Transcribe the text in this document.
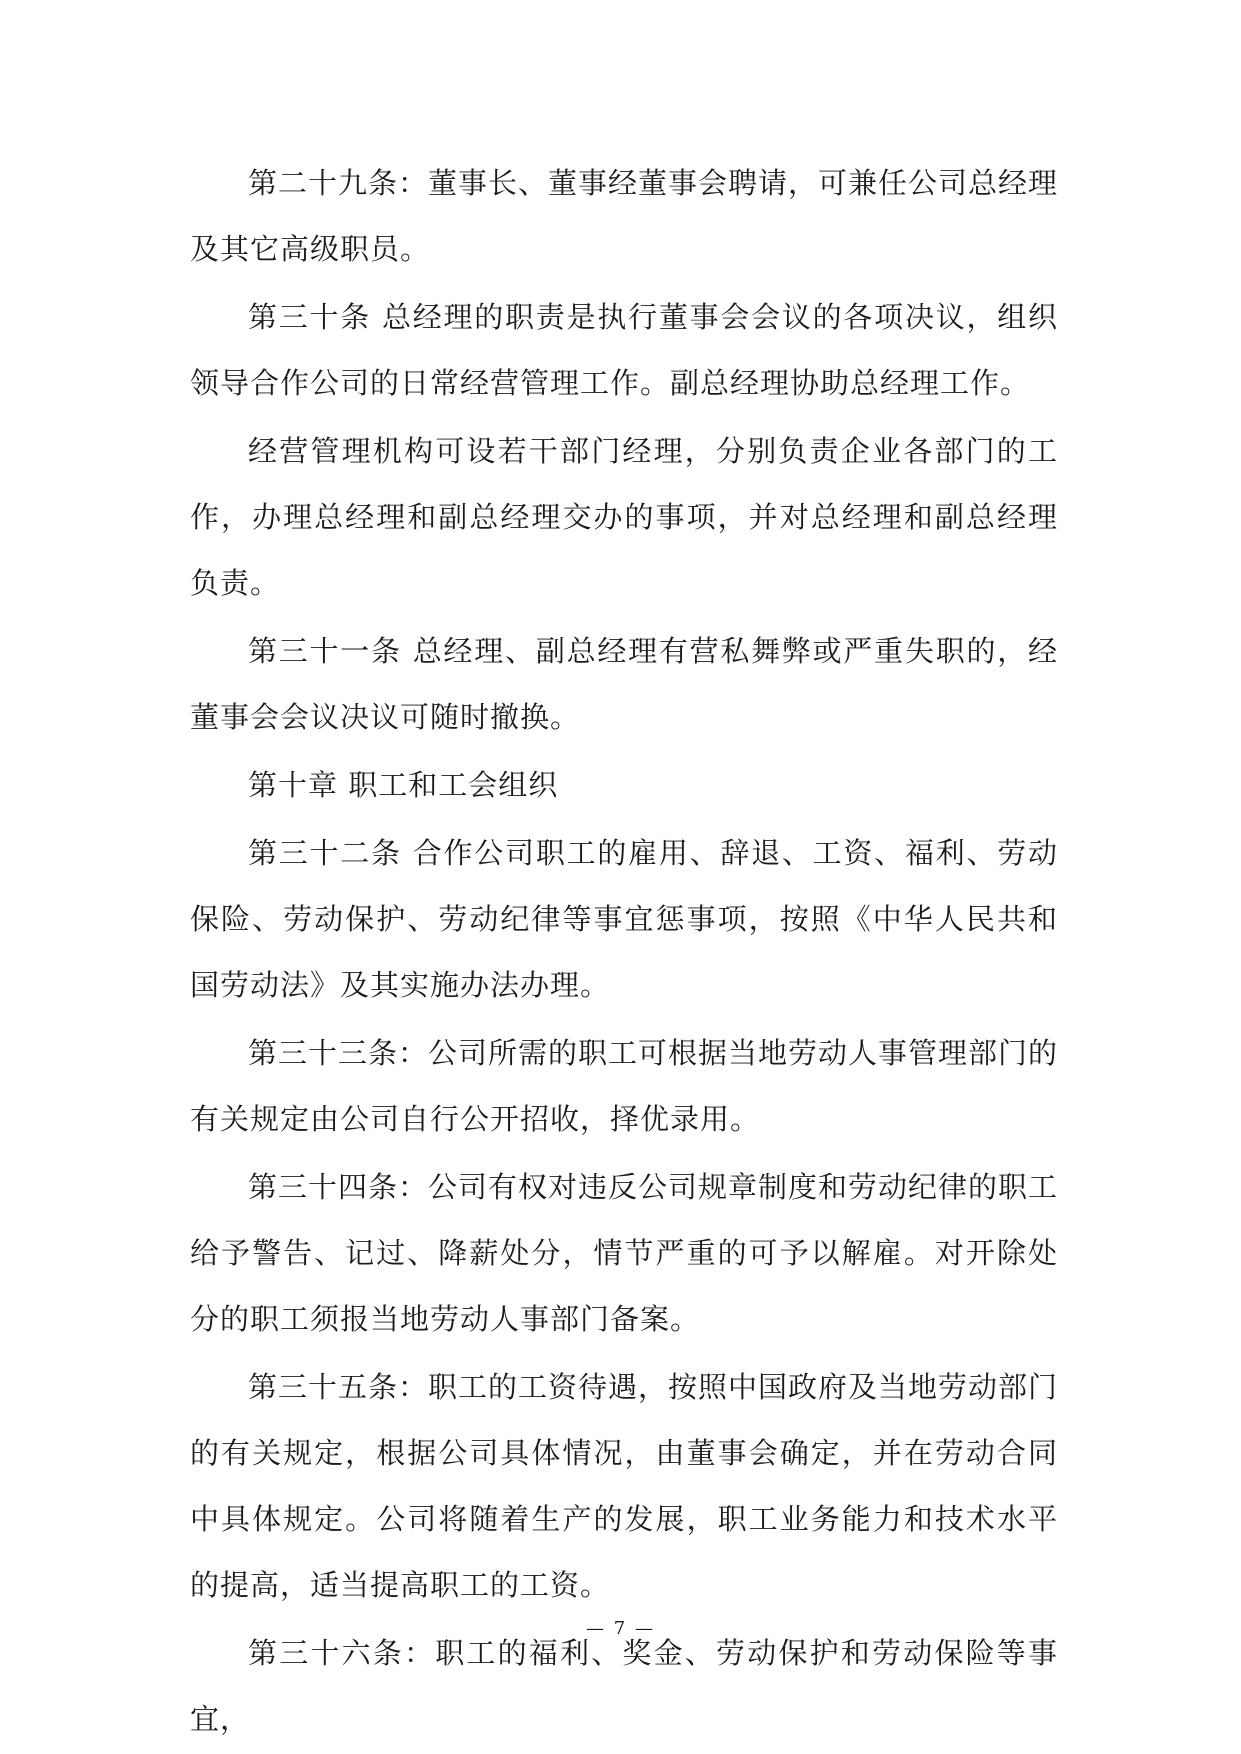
第二十九条：董事长、董事经董事会聘请，可兼任公司总经理及其它高级职员。

第三十条 总经理的职责是执行董事会会议的各项决议，组织领导合作公司的日常经营管理工作。副总经理协助总经理工作。

经营管理机构可设若干部门经理，分别负责企业各部门的工作，办理总经理和副总经理交办的事项，并对总经理和副总经理负责。

第三十一条 总经理、副总经理有营私舞弊或严重失职的，经董事会会议决议可随时撤换。

第十章 职工和工会组织

第三十二条 合作公司职工的雇用、辞退、工资、福利、劳动保险、劳动保护、劳动纪律等事宜惩事项，按照《中华人民共和国劳动法》及其实施办法办理。

第三十三条：公司所需的职工可根据当地劳动人事管理部门的有关规定由公司自行公开招收，择优录用。

第三十四条：公司有权对违反公司规章制度和劳动纪律的职工给予警告、记过、降薪处分，情节严重的可予以解雇。对开除处分的职工须报当地劳动人事部门备案。

第三十五条：职工的工资待遇，按照中国政府及当地劳动部门的有关规定，根据公司具体情况，由董事会确定，并在劳动合同中具体规定。公司将随着生产的发展，职工业务能力和技术水平的提高，适当提高职工的工资。

第三十六条：职工的福利、奖金、劳动保护和劳动保险等事宜，

— 7 —
